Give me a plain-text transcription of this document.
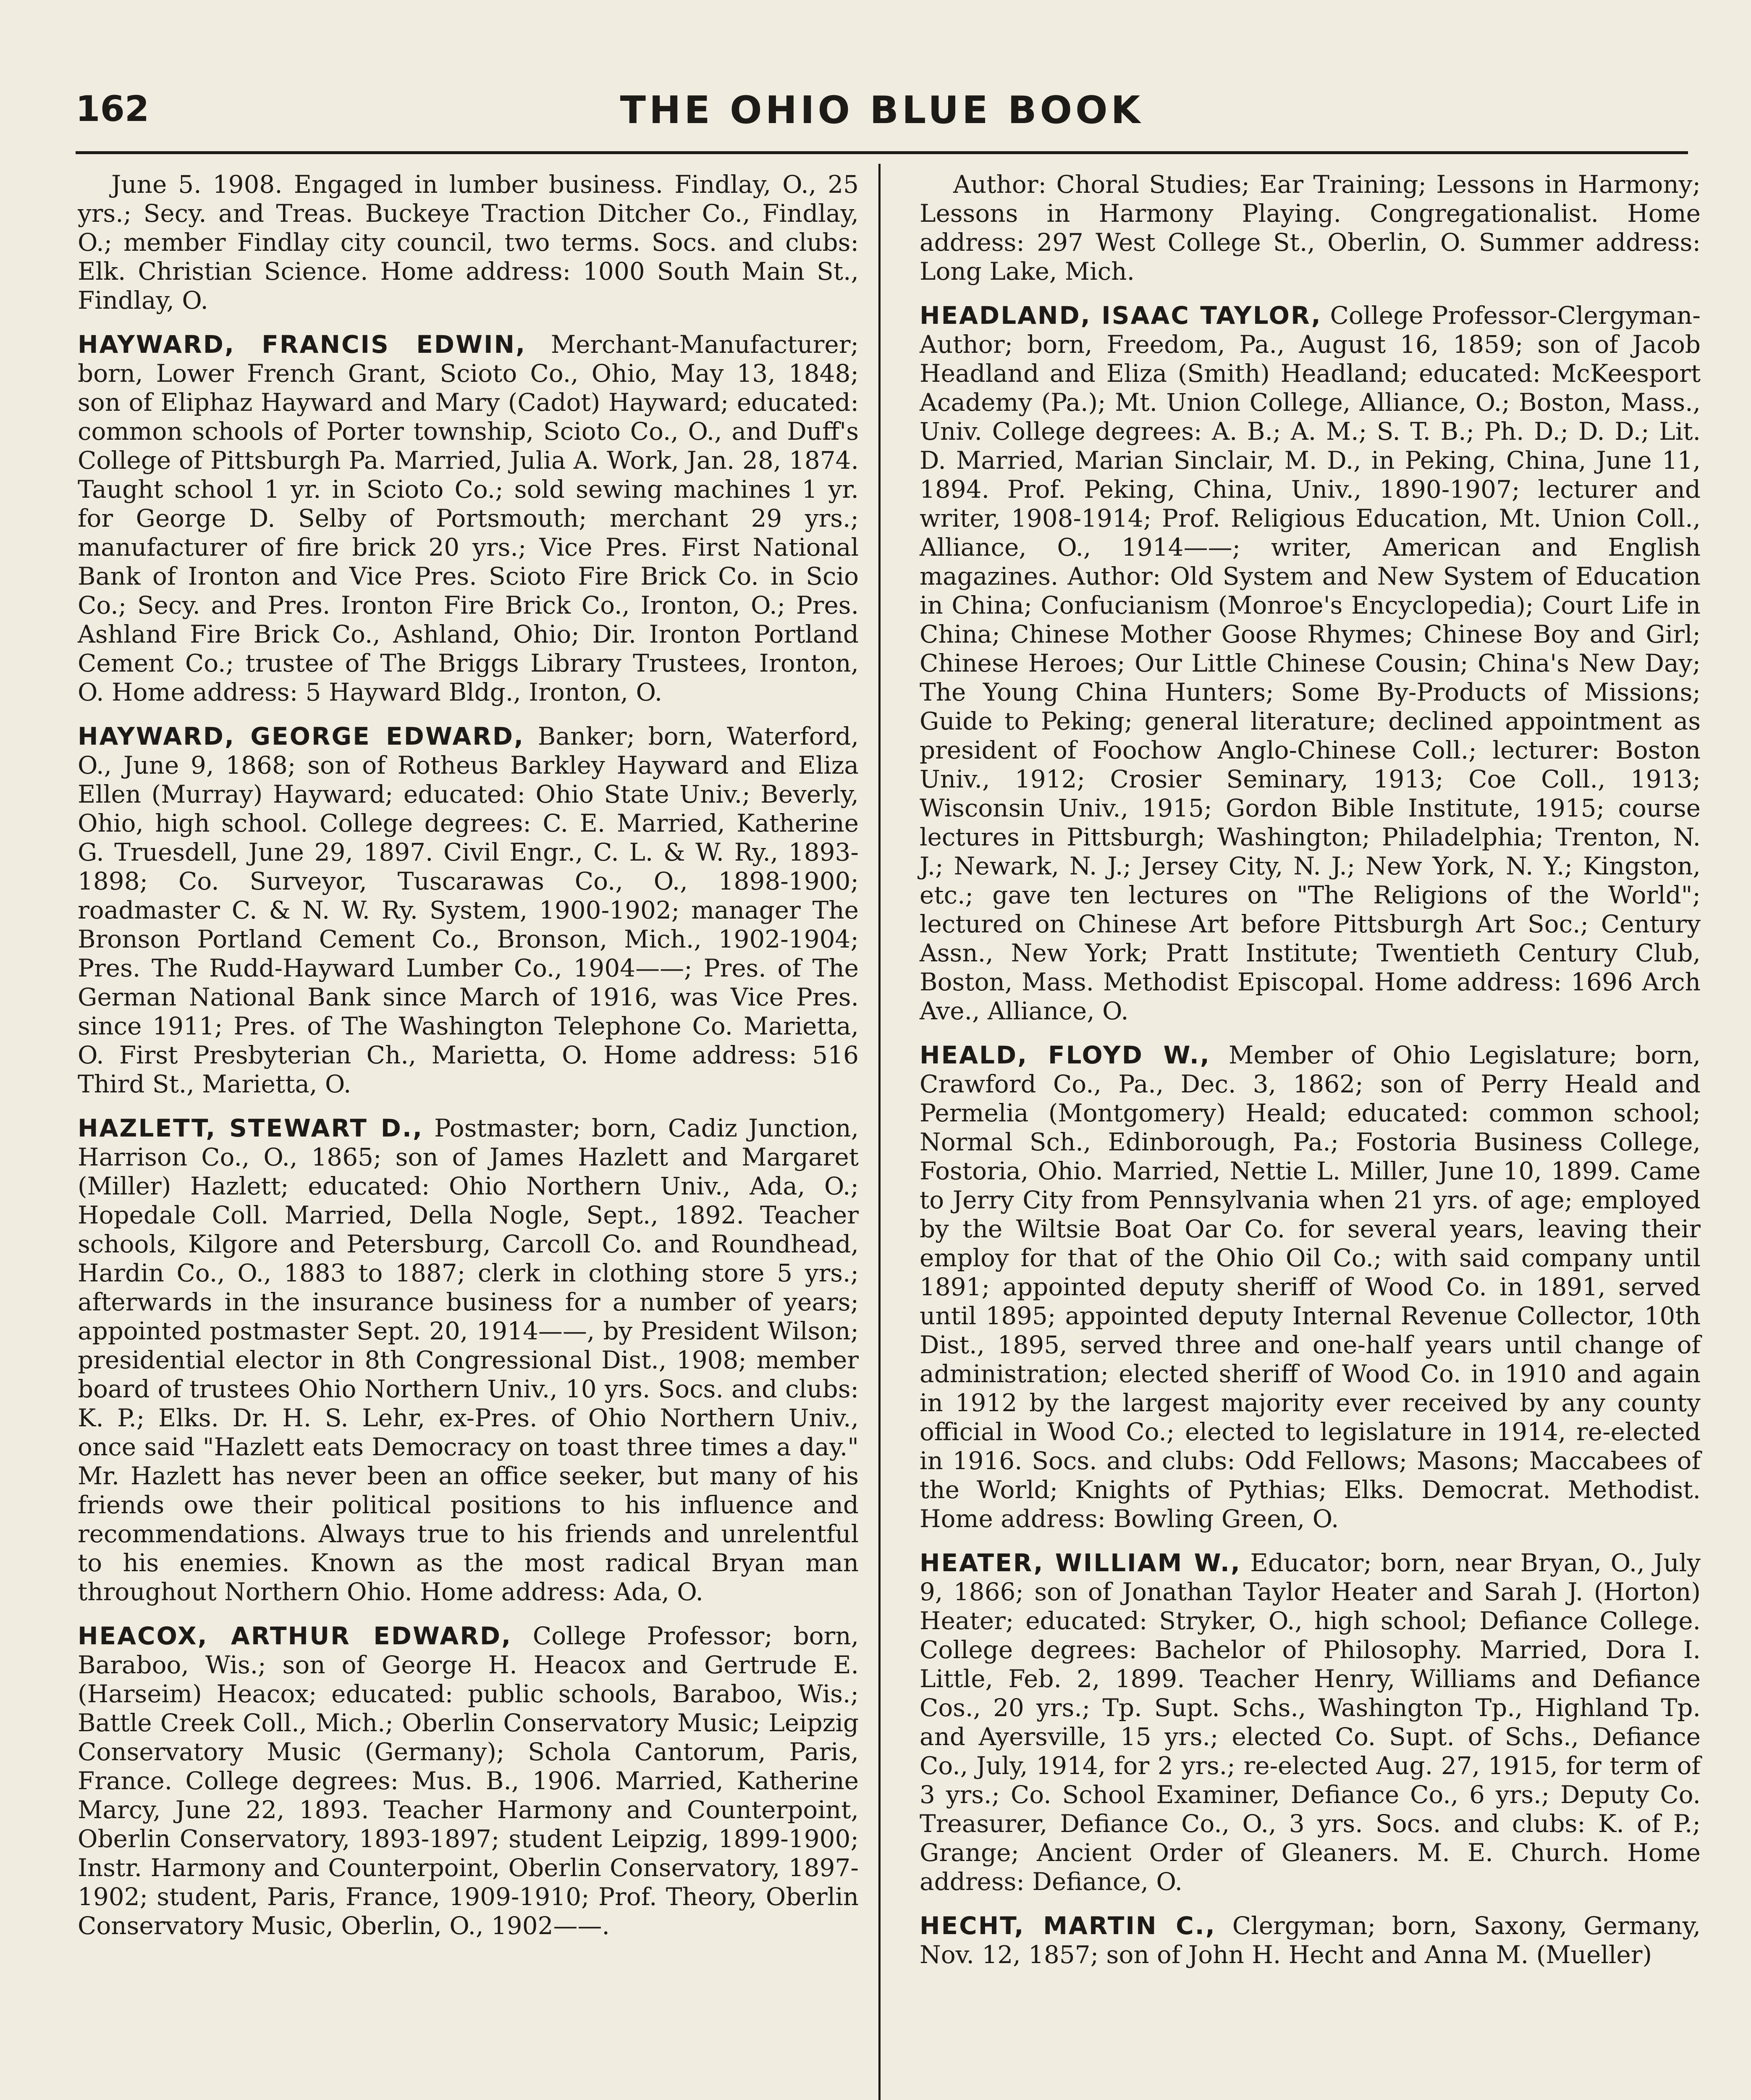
162	THE OHIO BLUE BOOK

June 5. 1908. Engaged in lumber business. Findlay, O., 25 yrs.; Secy. and Treas. Buckeye Traction Ditcher Co., Findlay, O.; member Findlay city council, two terms. Socs. and clubs: Elk. Christian Science. Home address: 1000 South Main St., Findlay, O.

HAYWARD, FRANCIS EDWIN, Merchant-Manufacturer; born, Lower French Grant, Scioto Co., Ohio, May 13, 1848; son of Eliphaz Hayward and Mary (Cadot) Hayward; educated: common schools of Porter township, Scioto Co., O., and Duff's College of Pittsburgh Pa. Married, Julia A. Work, Jan. 28, 1874. Taught school 1 yr. in Scioto Co.; sold sewing machines 1 yr. for George D. Selby of Portsmouth; merchant 29 yrs.; manufacturer of fire brick 20 yrs.; Vice Pres. First National Bank of Ironton and Vice Pres. Scioto Fire Brick Co. in Scio Co.; Secy. and Pres. Ironton Fire Brick Co., Ironton, O.; Pres. Ashland Fire Brick Co., Ashland, Ohio; Dir. Ironton Portland Cement Co.; trustee of The Briggs Library Trustees, Ironton, O. Home address: 5 Hayward Bldg., Ironton, O.

HAYWARD, GEORGE EDWARD, Banker; born, Waterford, O., June 9, 1868; son of Rotheus Barkley Hayward and Eliza Ellen (Murray) Hayward; educated: Ohio State Univ.; Beverly, Ohio, high school. College degrees: C. E. Married, Katherine G. Truesdell, June 29, 1897. Civil Engr., C. L. & W. Ry., 1893-1898; Co. Surveyor, Tuscarawas Co., O., 1898-1900; roadmaster C. & N. W. Ry. System, 1900-1902; manager The Bronson Portland Cement Co., Bronson, Mich., 1902-1904; Pres. The Rudd-Hayward Lumber Co., 1904——; Pres. of The German National Bank since March of 1916, was Vice Pres. since 1911; Pres. of The Washington Telephone Co. Marietta, O. First Presbyterian Ch., Marietta, O. Home address: 516 Third St., Marietta, O.

HAZLETT, STEWART D., Postmaster; born, Cadiz Junction, Harrison Co., O., 1865; son of James Hazlett and Margaret (Miller) Hazlett; educated: Ohio Northern Univ., Ada, O.; Hopedale Coll. Married, Della Nogle, Sept., 1892. Teacher schools, Kilgore and Petersburg, Carcoll Co. and Roundhead, Hardin Co., O., 1883 to 1887; clerk in clothing store 5 yrs.; afterwards in the insurance business for a number of years; appointed postmaster Sept. 20, 1914——, by President Wilson; presidential elector in 8th Congressional Dist., 1908; member board of trustees Ohio Northern Univ., 10 yrs. Socs. and clubs: K. P.; Elks. Dr. H. S. Lehr, ex-Pres. of Ohio Northern Univ., once said "Hazlett eats Democracy on toast three times a day." Mr. Hazlett has never been an office seeker, but many of his friends owe their political positions to his influence and recommendations. Always true to his friends and unrelentful to his enemies. Known as the most radical Bryan man throughout Northern Ohio. Home address: Ada, O.

HEACOX, ARTHUR EDWARD, College Professor; born, Baraboo, Wis.; son of George H. Heacox and Gertrude E. (Harseim) Heacox; educated: public schools, Baraboo, Wis.; Battle Creek Coll., Mich.; Oberlin Conservatory Music; Leipzig Conservatory Music (Germany); Schola Cantorum, Paris, France. College degrees: Mus. B., 1906. Married, Katherine Marcy, June 22, 1893. Teacher Harmony and Counterpoint, Oberlin Conservatory, 1893-1897; student Leipzig, 1899-1900; Instr. Harmony and Counterpoint, Oberlin Conservatory, 1897-1902; student, Paris, France, 1909-1910; Prof. Theory, Oberlin Conservatory Music, Oberlin, O., 1902——.

Author: Choral Studies; Ear Training; Lessons in Harmony; Lessons in Harmony Playing. Congregationalist. Home address: 297 West College St., Oberlin, O. Summer address: Long Lake, Mich.

HEADLAND, ISAAC TAYLOR, College Professor-Clergyman-Author; born, Freedom, Pa., August 16, 1859; son of Jacob Headland and Eliza (Smith) Headland; educated: McKeesport Academy (Pa.); Mt. Union College, Alliance, O.; Boston, Mass., Univ. College degrees: A. B.; A. M.; S. T. B.; Ph. D.; D. D.; Lit. D. Married, Marian Sinclair, M. D., in Peking, China, June 11, 1894. Prof. Peking, China, Univ., 1890-1907; lecturer and writer, 1908-1914; Prof. Religious Education, Mt. Union Coll., Alliance, O., 1914——; writer, American and English magazines. Author: Old System and New System of Education in China; Confucianism (Monroe's Encyclopedia); Court Life in China; Chinese Mother Goose Rhymes; Chinese Boy and Girl; Chinese Heroes; Our Little Chinese Cousin; China's New Day; The Young China Hunters; Some By-Products of Missions; Guide to Peking; general literature; declined appointment as president of Foochow Anglo-Chinese Coll.; lecturer: Boston Univ., 1912; Crosier Seminary, 1913; Coe Coll., 1913; Wisconsin Univ., 1915; Gordon Bible Institute, 1915; course lectures in Pittsburgh; Washington; Philadelphia; Trenton, N. J.; Newark, N. J.; Jersey City, N. J.; New York, N. Y.; Kingston, etc.; gave ten lectures on "The Religions of the World"; lectured on Chinese Art before Pittsburgh Art Soc.; Century Assn., New York; Pratt Institute; Twentieth Century Club, Boston, Mass. Methodist Episcopal. Home address: 1696 Arch Ave., Alliance, O.

HEALD, FLOYD W., Member of Ohio Legislature; born, Crawford Co., Pa., Dec. 3, 1862; son of Perry Heald and Permelia (Montgomery) Heald; educated: common school; Normal Sch., Edinborough, Pa.; Fostoria Business College, Fostoria, Ohio. Married, Nettie L. Miller, June 10, 1899. Came to Jerry City from Pennsylvania when 21 yrs. of age; employed by the Wiltsie Boat Oar Co. for several years, leaving their employ for that of the Ohio Oil Co.; with said company until 1891; appointed deputy sheriff of Wood Co. in 1891, served until 1895; appointed deputy Internal Revenue Collector, 10th Dist., 1895, served three and one-half years until change of administration; elected sheriff of Wood Co. in 1910 and again in 1912 by the largest majority ever received by any county official in Wood Co.; elected to legislature in 1914, re-elected in 1916. Socs. and clubs: Odd Fellows; Masons; Maccabees of the World; Knights of Pythias; Elks. Democrat. Methodist. Home address: Bowling Green, O.

HEATER, WILLIAM W., Educator; born, near Bryan, O., July 9, 1866; son of Jonathan Taylor Heater and Sarah J. (Horton) Heater; educated: Stryker, O., high school; Defiance College. College degrees: Bachelor of Philosophy. Married, Dora I. Little, Feb. 2, 1899. Teacher Henry, Williams and Defiance Cos., 20 yrs.; Tp. Supt. Schs., Washington Tp., Highland Tp. and Ayersville, 15 yrs.; elected Co. Supt. of Schs., Defiance Co., July, 1914, for 2 yrs.; re-elected Aug. 27, 1915, for term of 3 yrs.; Co. School Examiner, Defiance Co., 6 yrs.; Deputy Co. Treasurer, Defiance Co., O., 3 yrs. Socs. and clubs: K. of P.; Grange; Ancient Order of Gleaners. M. E. Church. Home address: Defiance, O.

HECHT, MARTIN C., Clergyman; born, Saxony, Germany, Nov. 12, 1857; son of John H. Hecht and Anna M. (Mueller)
